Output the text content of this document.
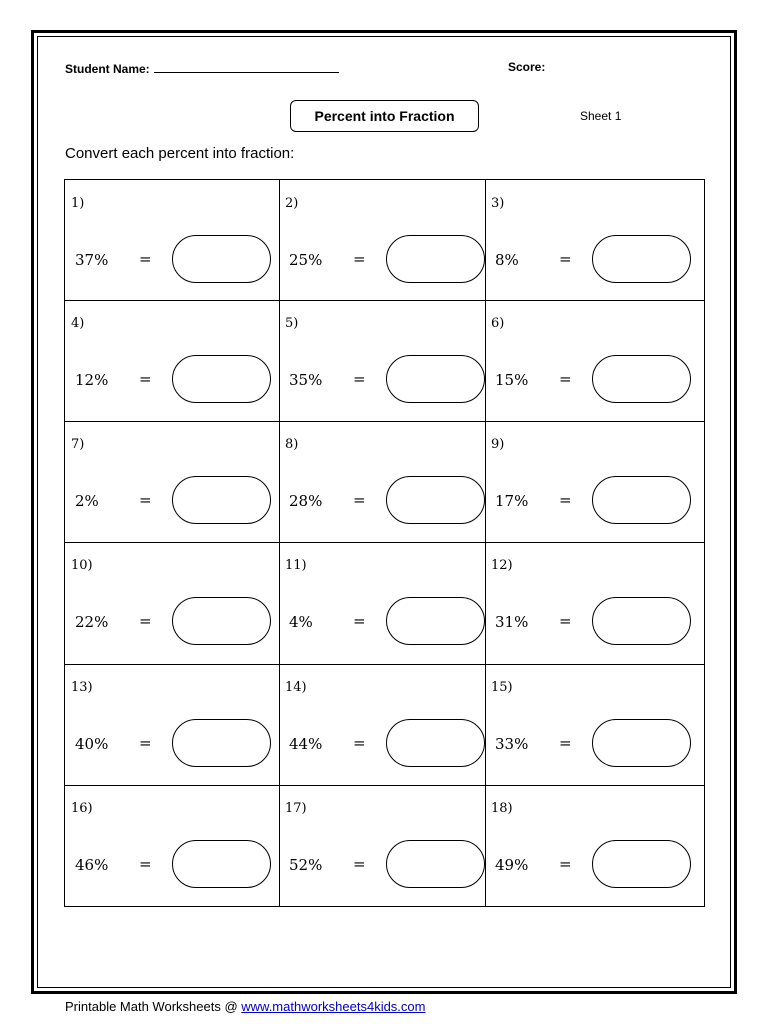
Student Name:	Score:
Percent into Fraction	Sheet 1
Convert each percent into fraction:
1)
37% =
2)
25% =
3)
8%	=
4)
12% =
5)
35% =
6)
15% =
7)
2%	=
8)
28% =
9)
17% =
10)
22% =
11)
4%	=
12)
31% =
13)
40% =
14)
44% =
15)
33% =
16)
46% =
17)
52% =
18)
49% =
Printable Math Worksheets @ www.mathworksheets4kids.com
